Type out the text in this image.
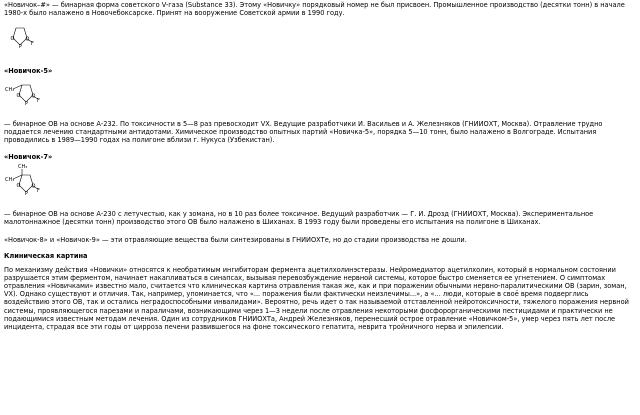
«Новичок–#» — бинарная форма советского V-газа (Substance 33). Этому «Новичку» порядковый номер не был присвоен. Промышленное производство (десятки тонн) в начале 1980-х было налажено в Новочебоксарске. Принят на вооружение Советской армии в 1990 году.

O O
P F

«Новичок-5»

CH₃
O O
P F

— бинарное ОВ на основе А-232. По токсичности в 5—8 раз превосходит VX. Ведущие разработчики И. Васильев и А. Железняков (ГНИИОХТ, Москва). Отравление трудно поддается лечению стандартными антидотами. Химическое производство опытных партий «Новичка-5», порядка 5—10 тонн, было налажено в Волгограде. Испытания проводились в 1989—1990 годах на полигоне вблизи г. Нукуса (Узбекистан).

«Новичок-7»

CH₃
CH₃
O O
P F

— бинарное ОВ на основе А-230 с летучестью, как у зомана, но в 10 раз более токсичное. Ведущий разработчик — Г. И. Дрозд (ГНИИОХТ, Москва). Экспериментальное малотоннажное (десятки тонн) производство этого ОВ было налажено в Шиханах. В 1993 году были проведены его испытания на полигоне в Шиханах.

«Новичок-8» и «Новичок-9» — эти отравляющие вещества были синтезированы в ГНИИОХТе, но до стадии производства не дошли.

Клиническая картина

По механизму действия «Новички» относятся к необратимым ингибиторам фермента ацетилхолинэстеразы. Нейромедиатор ацетилхолин, который в нормальном состоянии разрушается этим ферментом, начинает накапливаться в синапсах, вызывая перевозбуждение нервной системы, которое быстро сменяется ее угнетением. О симптомах отравления «Новичками» известно мало, считается что клиническая картина отравления такая же, как и при поражении обычными нервно-паралитическими ОВ (зарин, зоман, VX). Однако существуют и отличия. Так, например, упоминается, что «... поражения были фактически неизлечимы...», а «... люди, которые в своё время подверглись воздействию этого ОВ, так и остались неградоспособными инвалидами». Вероятно, речь идет о так называемой отставленной нейротоксичности, тяжелого поражения нервной системы, проявляющегося парезами и параличами, возникающими через 1—3 недели после отравления некоторыми фосфорорганическими пестицидами и практически не подающимися известным методам лечения. Один из сотрудников ГНИИОХТа, Андрей Железняков, перенесший острое отравление «Новичком-5», умер через пять лет после инцидента, страдая все эти годы от цирроза печени развившегося на фоне токсического гепатита, неврита тройничного нерва и эпилепсии.
